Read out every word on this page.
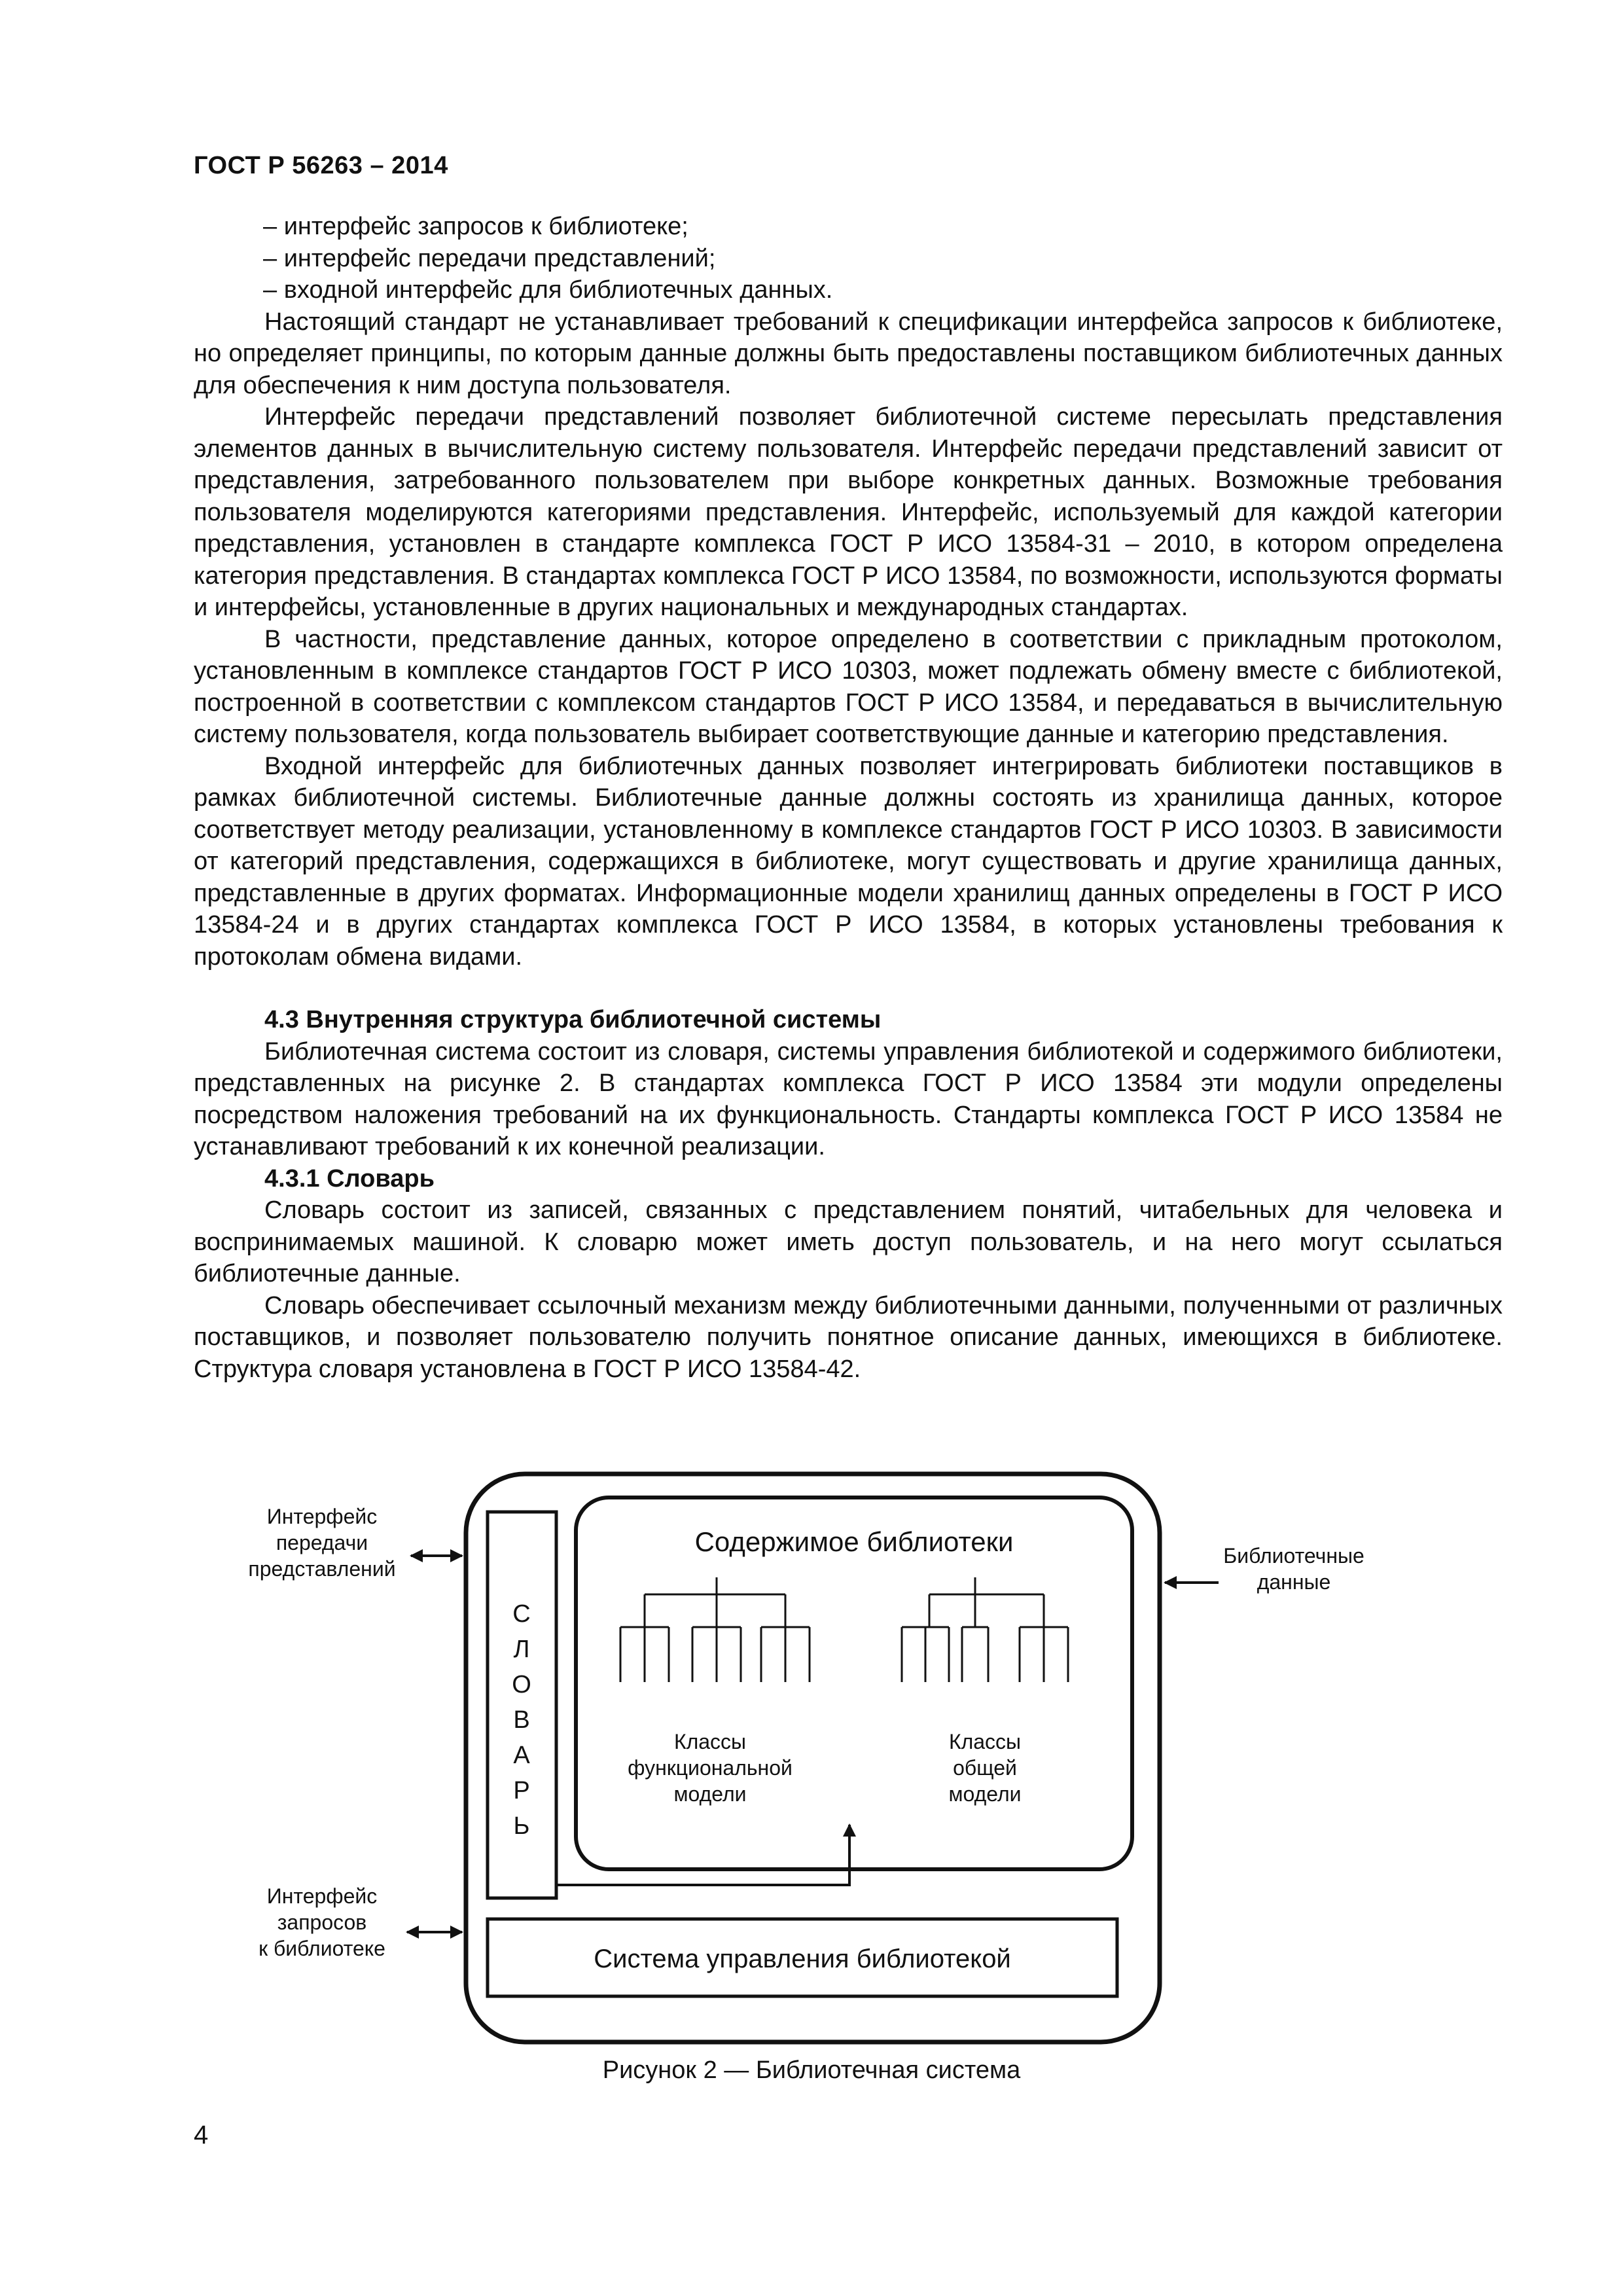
ГОСТ Р 56263 – 2014

– интерфейс запросов к библиотеке;

– интерфейс передачи представлений;

– входной интерфейс для библиотечных данных.

Настоящий стандарт не устанавливает требований к спецификации интерфейса запросов к библиотеке, но определяет принципы, по которым данные должны быть предоставлены поставщиком библиотечных данных для обеспечения к ним доступа пользователя.

Интерфейс передачи представлений позволяет библиотечной системе пересылать представления элементов данных в вычислительную систему пользователя. Интерфейс передачи представлений зависит от представления, затребованного пользователем при выборе конкретных данных. Возможные требования пользователя моделируются категориями представления. Интерфейс, используемый для каждой категории представления, установлен в стандарте комплекса ГОСТ Р ИСО 13584-31 – 2010, в котором определена категория представления. В стандартах комплекса ГОСТ Р ИСО 13584, по возможности, используются форматы и интерфейсы, установленные в других национальных и международных стандартах.

В частности, представление данных, которое определено в соответствии с прикладным протоколом, установленным в комплексе стандартов ГОСТ Р ИСО 10303, может подлежать обмену вместе с библиотекой, построенной в соответствии с комплексом стандартов ГОСТ Р ИСО 13584, и передаваться в вычислительную систему пользователя, когда пользователь выбирает соответствующие данные и категорию представления.

Входной интерфейс для библиотечных данных позволяет интегрировать библиотеки поставщиков в рамках библиотечной системы. Библиотечные данные должны состоять из хранилища данных, которое соответствует методу реализации, установленному в комплексе стандартов ГОСТ Р ИСО 10303. В зависимости от категорий представления, содержащихся в библиотеке, могут существовать и другие хранилища данных, представленные в других форматах. Информационные модели хранилищ данных определены в ГОСТ Р ИСО 13584-24 и в других стандартах комплекса ГОСТ Р ИСО 13584, в которых установлены требования к протоколам обмена видами.

4.3 Внутренняя структура библиотечной системы

Библиотечная система состоит из словаря, системы управления библиотекой и содержимого библиотеки, представленных на рисунке 2. В стандартах комплекса ГОСТ Р ИСО 13584 эти модули определены посредством наложения требований на их функциональность. Стандарты комплекса ГОСТ Р ИСО 13584 не устанавливают требований к их конечной реализации.

4.3.1 Словарь

Словарь состоит из записей, связанных с представлением понятий, читабельных для человека и воспринимаемых машиной. К словарю может иметь доступ пользователь, и на него могут ссылаться библиотечные данные.

Словарь обеспечивает ссылочный механизм между библиотечными данными, полученными от различных поставщиков, и позволяет пользователю получить понятное описание данных, имеющихся в библиотеке. Структура словаря установлена в ГОСТ Р ИСО 13584-42.

С
Л
О
В
А
Р
Ь
Содержимое библиотеки
Классы
функциональной
модели
Классы
общей
модели
Система управления библиотекой
Интерфейс
передачи
представлений
Интерфейс
запросов
к библиотеке
Библиотечные
данные
Рисунок 2 — Библиотечная система
4
